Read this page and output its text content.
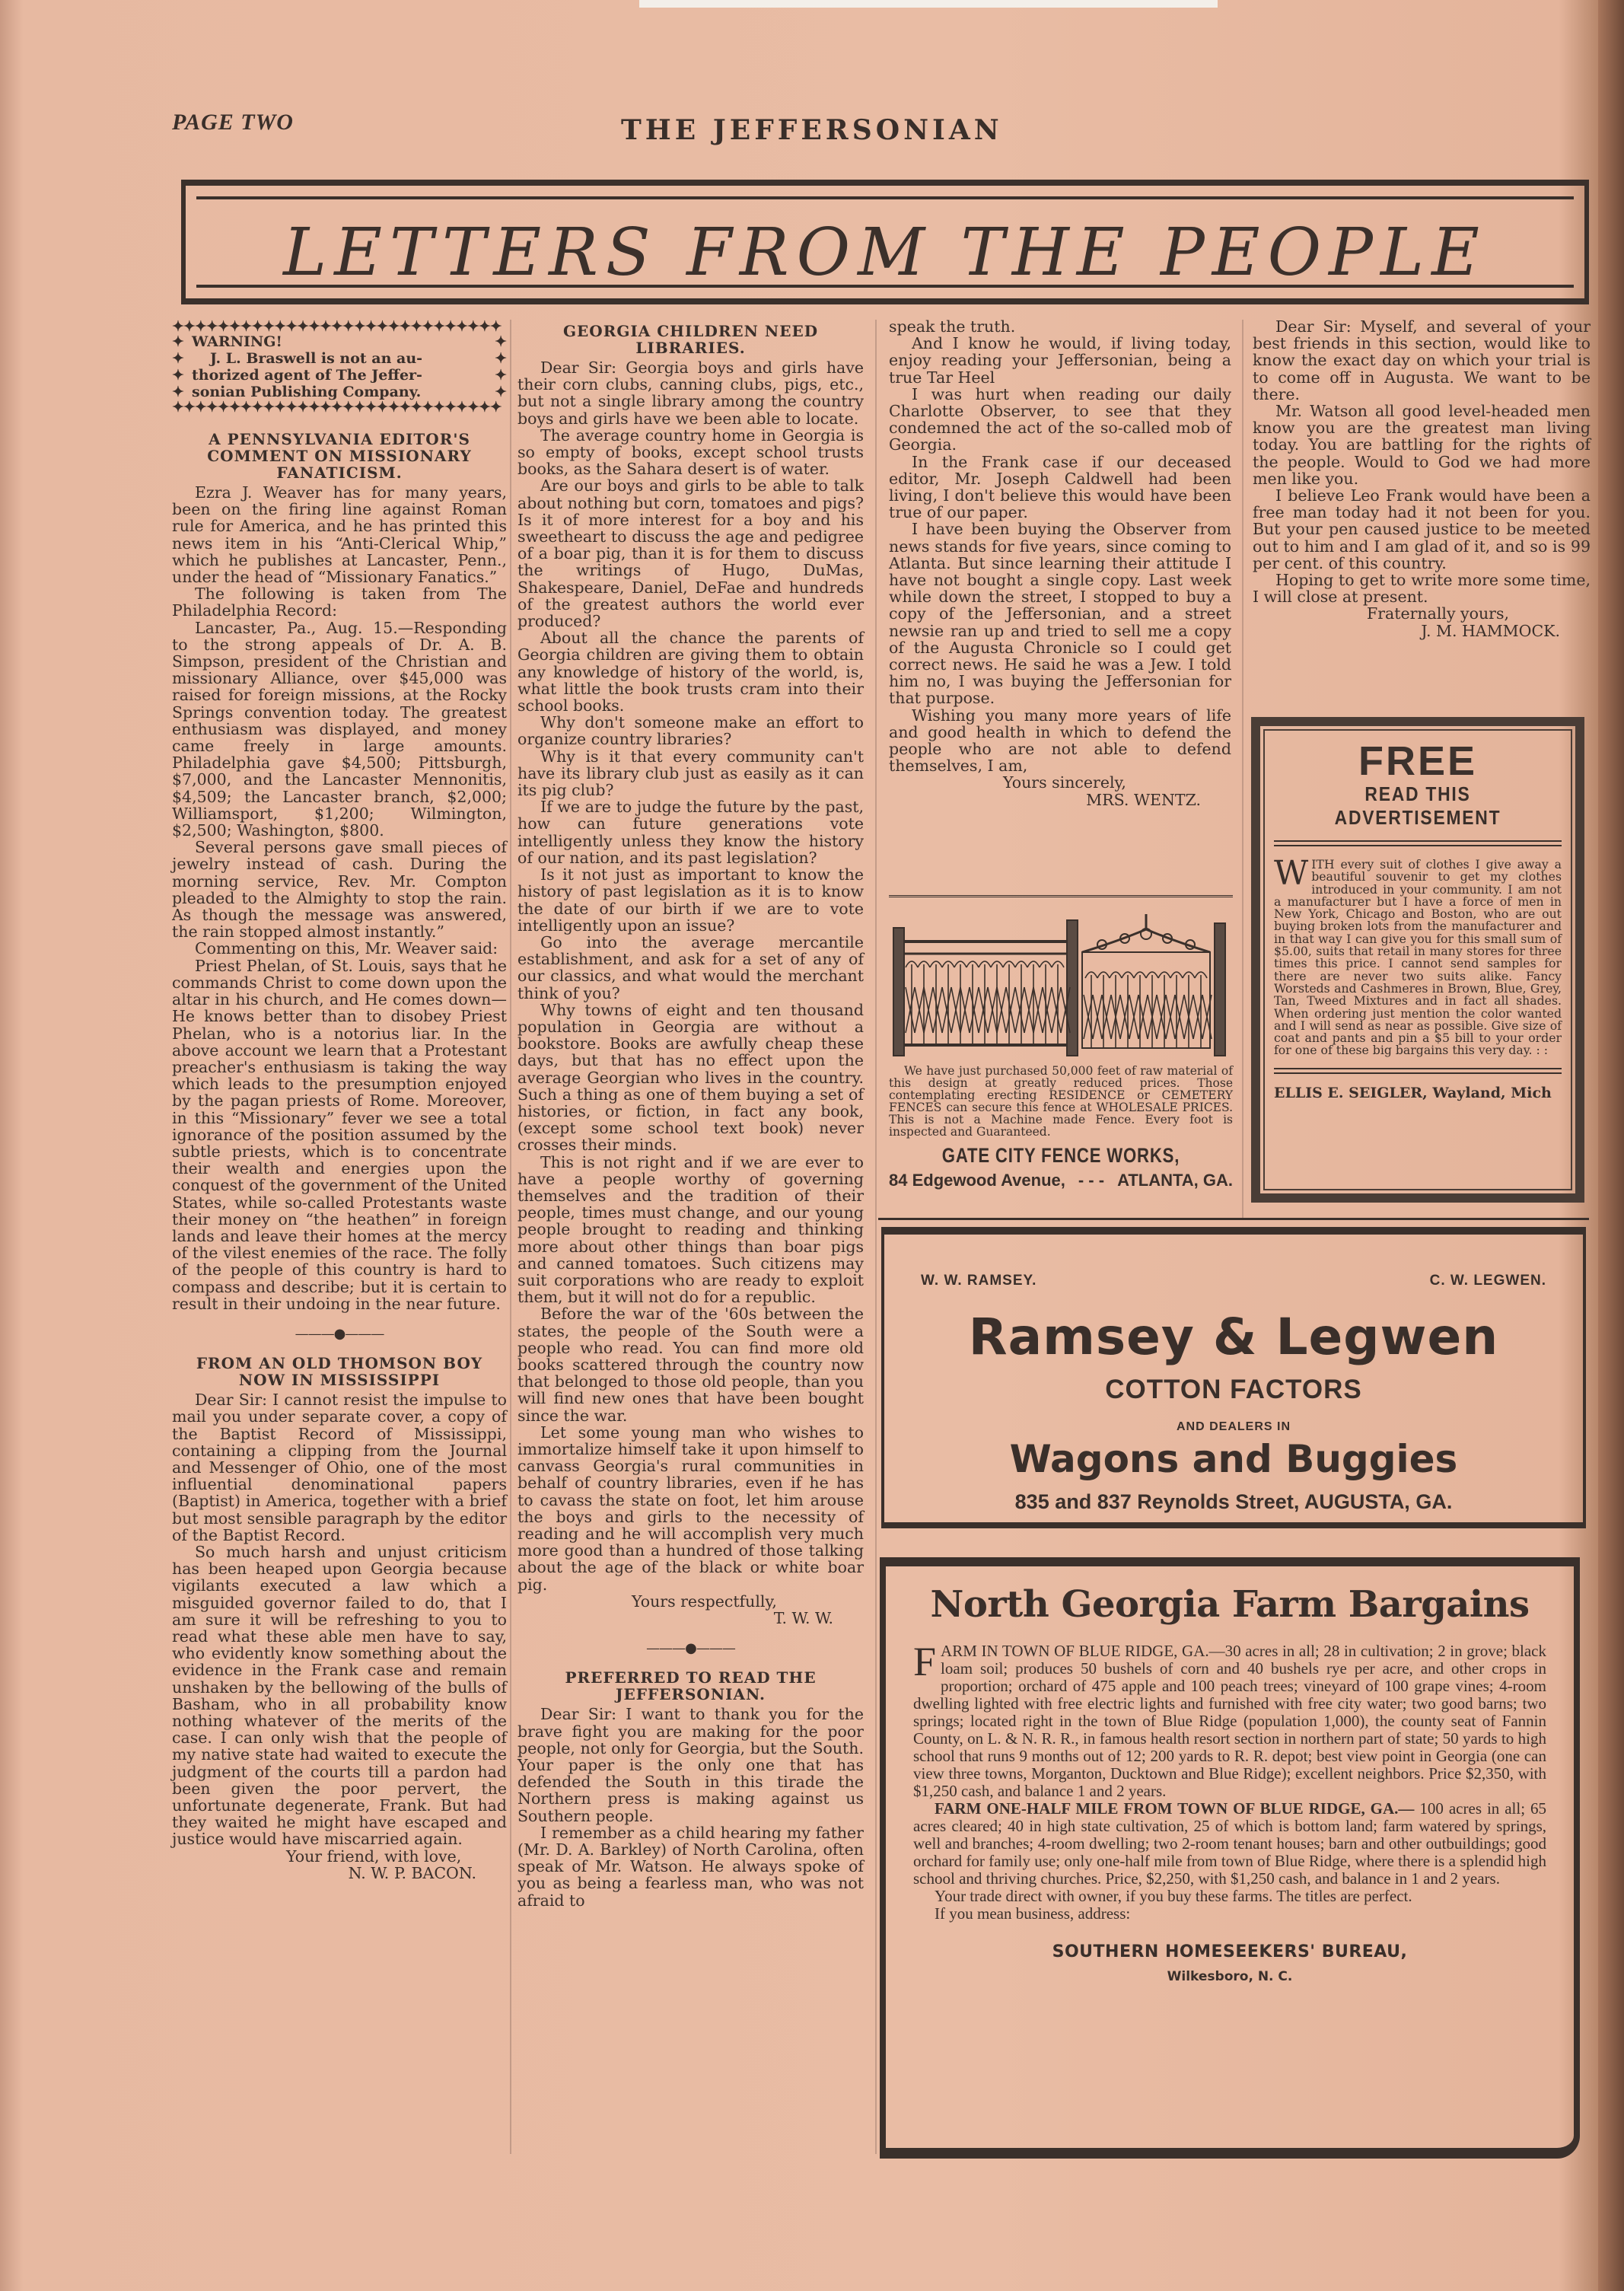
PAGE TWO	THE JEFFERSONIAN
LETTERS FROM THE PEOPLE
✦✦✦✦✦✦✦✦✦✦✦✦✦✦✦✦✦✦✦✦✦✦✦✦✦✦✦✦✦
✦ WARNING!	✦
✦	J. L. Braswell is not an au-	✦
✦ thorized agent of The Jeffer-	✦
✦ sonian Publishing Company.	✦
✦✦✦✦✦✦✦✦✦✦✦✦✦✦✦✦✦✦✦✦✦✦✦✦✦✦✦✦✦
A PENNSYLVANIA EDITOR'S COMMENT ON MISSIONARY FANATICISM.

Ezra J. Weaver has for many years, been on the firing line against Roman rule for America, and he has printed this news item in his “Anti-Clerical Whip,” which he publishes at Lancaster, Penn., under the head of “Missionary Fanatics.”

The following is taken from The Philadelphia Record:

Lancaster, Pa., Aug. 15.—Responding to the strong appeals of Dr. A. B. Simpson, president of the Christian and missionary Alliance, over $45,000 was raised for foreign missions, at the Rocky Springs convention today. The greatest enthusiasm was displayed, and money came freely in large amounts. Philadelphia gave $4,500; Pittsburgh, $7,000, and the Lancaster Mennonitis, $4,509; the Lancaster branch, $2,000; Williamsport, $1,200; Wilmington, $2,500; Washington, $800.

Several persons gave small pieces of jewelry instead of cash. During the morning service, Rev. Mr. Compton pleaded to the Almighty to stop the rain. As though the message was answered, the rain stopped almost instantly.”

Commenting on this, Mr. Weaver said:

Priest Phelan, of St. Louis, says that he commands Christ to come down upon the altar in his church, and He comes down—He knows better than to disobey Priest Phelan, who is a notorius liar. In the above account we learn that a Protestant preacher's enthusiasm is taking the way which leads to the presumption enjoyed by the pagan priests of Rome. Moreover, in this “Missionary” fever we see a total ignorance of the position assumed by the subtle priests, which is to concentrate their wealth and energies upon the conquest of the government of the United States, while so-called Protestants waste their money on “the heathen” in foreign lands and leave their homes at the mercy of the vilest enemies of the race. The folly of the people of this country is hard to compass and describe; but it is certain to result in their undoing in the near future.

———●———
FROM AN OLD THOMSON BOY NOW IN MISSISSIPPI

Dear Sir: I cannot resist the impulse to mail you under separate cover, a copy of the Baptist Record of Mississippi, containing a clipping from the Journal and Messenger of Ohio, one of the most influential denominational papers (Baptist) in America, together with a brief but most sensible paragraph by the editor of the Baptist Record.

So much harsh and unjust criticism has been heaped upon Georgia because vigilants executed a law which a misguided governor failed to do, that I am sure it will be refreshing to you to read what these able men have to say, who evidently know something about the evidence in the Frank case and remain unshaken by the bellowing of the bulls of Basham, who in all probability know nothing whatever of the merits of the case. I can only wish that the people of my native state had waited to execute the judgment of the courts till a pardon had been given the poor pervert, the unfortunate degenerate, Frank. But had they waited he might have escaped and justice would have miscarried again.

Your friend, with love,

N. W. P. BACON.

GEORGIA CHILDREN NEED LIBRARIES.

Dear Sir: Georgia boys and girls have their corn clubs, canning clubs, pigs, etc., but not a single library among the country boys and girls have we been able to locate.

The average country home in Georgia is so empty of books, except school trusts books, as the Sahara desert is of water.

Are our boys and girls to be able to talk about nothing but corn, tomatoes and pigs? Is it of more interest for a boy and his sweetheart to discuss the age and pedigree of a boar pig, than it is for them to discuss the writings of Hugo, DuMas, Shakespeare, Daniel, DeFae and hundreds of the greatest authors the world ever produced?

About all the chance the parents of Georgia children are giving them to obtain any knowledge of history of the world, is, what little the book trusts cram into their school books.

Why don't someone make an effort to organize country libraries?

Why is it that every community can't have its library club just as easily as it can its pig club?

If we are to judge the future by the past, how can future generations vote intelligently unless they know the history of our nation, and its past legislation?

Is it not just as important to know the history of past legislation as it is to know the date of our birth if we are to vote intelligently upon an issue?

Go into the average mercantile establishment, and ask for a set of any of our classics, and what would the merchant think of you?

Why towns of eight and ten thousand population in Georgia are without a bookstore. Books are awfully cheap these days, but that has no effect upon the average Georgian who lives in the country. Such a thing as one of them buying a set of histories, or fiction, in fact any book, (except some school text book) never crosses their minds.

This is not right and if we are ever to have a people worthy of governing themselves and the tradition of their people, times must change, and our young people brought to reading and thinking more about other things than boar pigs and canned tomatoes. Such citizens may suit corporations who are ready to exploit them, but it will not do for a republic.

Before the war of the '60s between the states, the people of the South were a people who read. You can find more old books scattered through the country now that belonged to those old people, than you will find new ones that have been bought since the war.

Let some young man who wishes to immortalize himself take it upon himself to canvass Georgia's rural communities in behalf of country libraries, even if he has to cavass the state on foot, let him arouse the boys and girls to the necessity of reading and he will accomplish very much more good than a hundred of those talking about the age of the black or white boar pig.

Yours respectfully,

T. W. W.

———●———
PREFERRED TO READ THE JEFFERSONIAN.

Dear Sir: I want to thank you for the brave fight you are making for the poor people, not only for Georgia, but the South. Your paper is the only one that has defended the South in this tirade the Northern press is making against us Southern people.

I remember as a child hearing my father (Mr. D. A. Barkley) of North Carolina, often speak of Mr. Watson. He always spoke of you as being a fearless man, who was not afraid to

speak the truth.

And I know he would, if living today, enjoy reading your Jeffersonian, being a true Tar Heel

I was hurt when reading our daily Charlotte Observer, to see that they condemned the act of the so-called mob of Georgia.

In the Frank case if our deceased editor, Mr. Joseph Caldwell had been living, I don't believe this would have been true of our paper.

I have been buying the Observer from news stands for five years, since coming to Atlanta. But since learning their attitude I have not bought a single copy. Last week while down the street, I stopped to buy a copy of the Jeffersonian, and a street newsie ran up and tried to sell me a copy of the Augusta Chronicle so I could get correct news. He said he was a Jew. I told him no, I was buying the Jeffersonian for that purpose.

Wishing you many more years of life and good health in which to defend the people who are not able to defend themselves, I am,

Yours sincerely,

MRS. WENTZ.

Dear Sir: Myself, and several of your best friends in this section, would like to know the exact day on which your trial is to come off in Augusta. We want to be there.

Mr. Watson all good level-headed men know you are the greatest man living today. You are battling for the rights of the people. Would to God we had more men like you.

I believe Leo Frank would have been a free man today had it not been for you. But your pen caused justice to be meeted out to him and I am glad of it, and so is 99 per cent. of this country.

Hoping to get to write more some time, I will close at present.

Fraternally yours,

J. M. HAMMOCK.

We have just purchased 50,000 feet of raw material of this design at greatly reduced prices. Those contemplating erecting RESIDENCE or CEMETERY FENCES can secure this fence at WHOLESALE PRICES. This is not a Machine made Fence. Every foot is inspected and Guaranteed.

GATE CITY FENCE WORKS,
84 Edgewood Avenue, - - - ATLANTA, GA.
FREE
READ THIS ADVERTISEMENT
WITH every suit of clothes I give away a beautiful souvenir to get my clothes introduced in your community. I am not a manufacturer but I have a force of men in New York, Chicago and Boston, who are out buying broken lots from the manufacturer and in that way I can give you for this small sum of $5.00, suits that retail in many stores for three times this price. I cannot send samples for there are never two suits alike. Fancy Worsteds and Cashmeres in Brown, Blue, Grey, Tan, Tweed Mixtures and in fact all shades. When ordering just mention the color wanted and I will send as near as possible. Give size of coat and pants and pin a $5 bill to your order for one of these big bargains this very day. : :
ELLIS E. SEIGLER, Wayland, Mich
W. W. RAMSEY.	C. W. LEGWEN.
Ramsey & Legwen
COTTON FACTORS
AND DEALERS IN
Wagons and Buggies
835 and 837 Reynolds Street, AUGUSTA, GA.
North Georgia Farm Bargains

FARM IN TOWN OF BLUE RIDGE, GA.—30 acres in all; 28 in cultivation; 2 in grove; black loam soil; produces 50 bushels of corn and 40 bushels rye per acre, and other crops in proportion; orchard of 475 apple and 100 peach trees; vineyard of 100 grape vines; 4-room dwelling lighted with free electric lights and furnished with free city water; two good barns; two springs; located right in the town of Blue Ridge (population 1,000), the county seat of Fannin County, on L. & N. R. R., in famous health resort section in northern part of state; 50 yards to high school that runs 9 months out of 12; 200 yards to R. R. depot; best view point in Georgia (one can view three towns, Morganton, Ducktown and Blue Ridge); excellent neighbors. Price $2,350, with $1,250 cash, and balance 1 and 2 years.

FARM ONE-HALF MILE FROM TOWN OF BLUE RIDGE, GA.— 100 acres in all; 65 acres cleared; 40 in high state cultivation, 25 of which is bottom land; farm watered by springs, well and branches; 4-room dwelling; two 2-room tenant houses; barn and other outbuildings; good orchard for family use; only one-half mile from town of Blue Ridge, where there is a splendid high school and thriving churches. Price, $2,250, with $1,250 cash, and balance in 1 and 2 years.

Your trade direct with owner, if you buy these farms. The titles are perfect.

If you mean business, address:

SOUTHERN HOMESEEKERS' BUREAU,
Wilkesboro, N. C.
